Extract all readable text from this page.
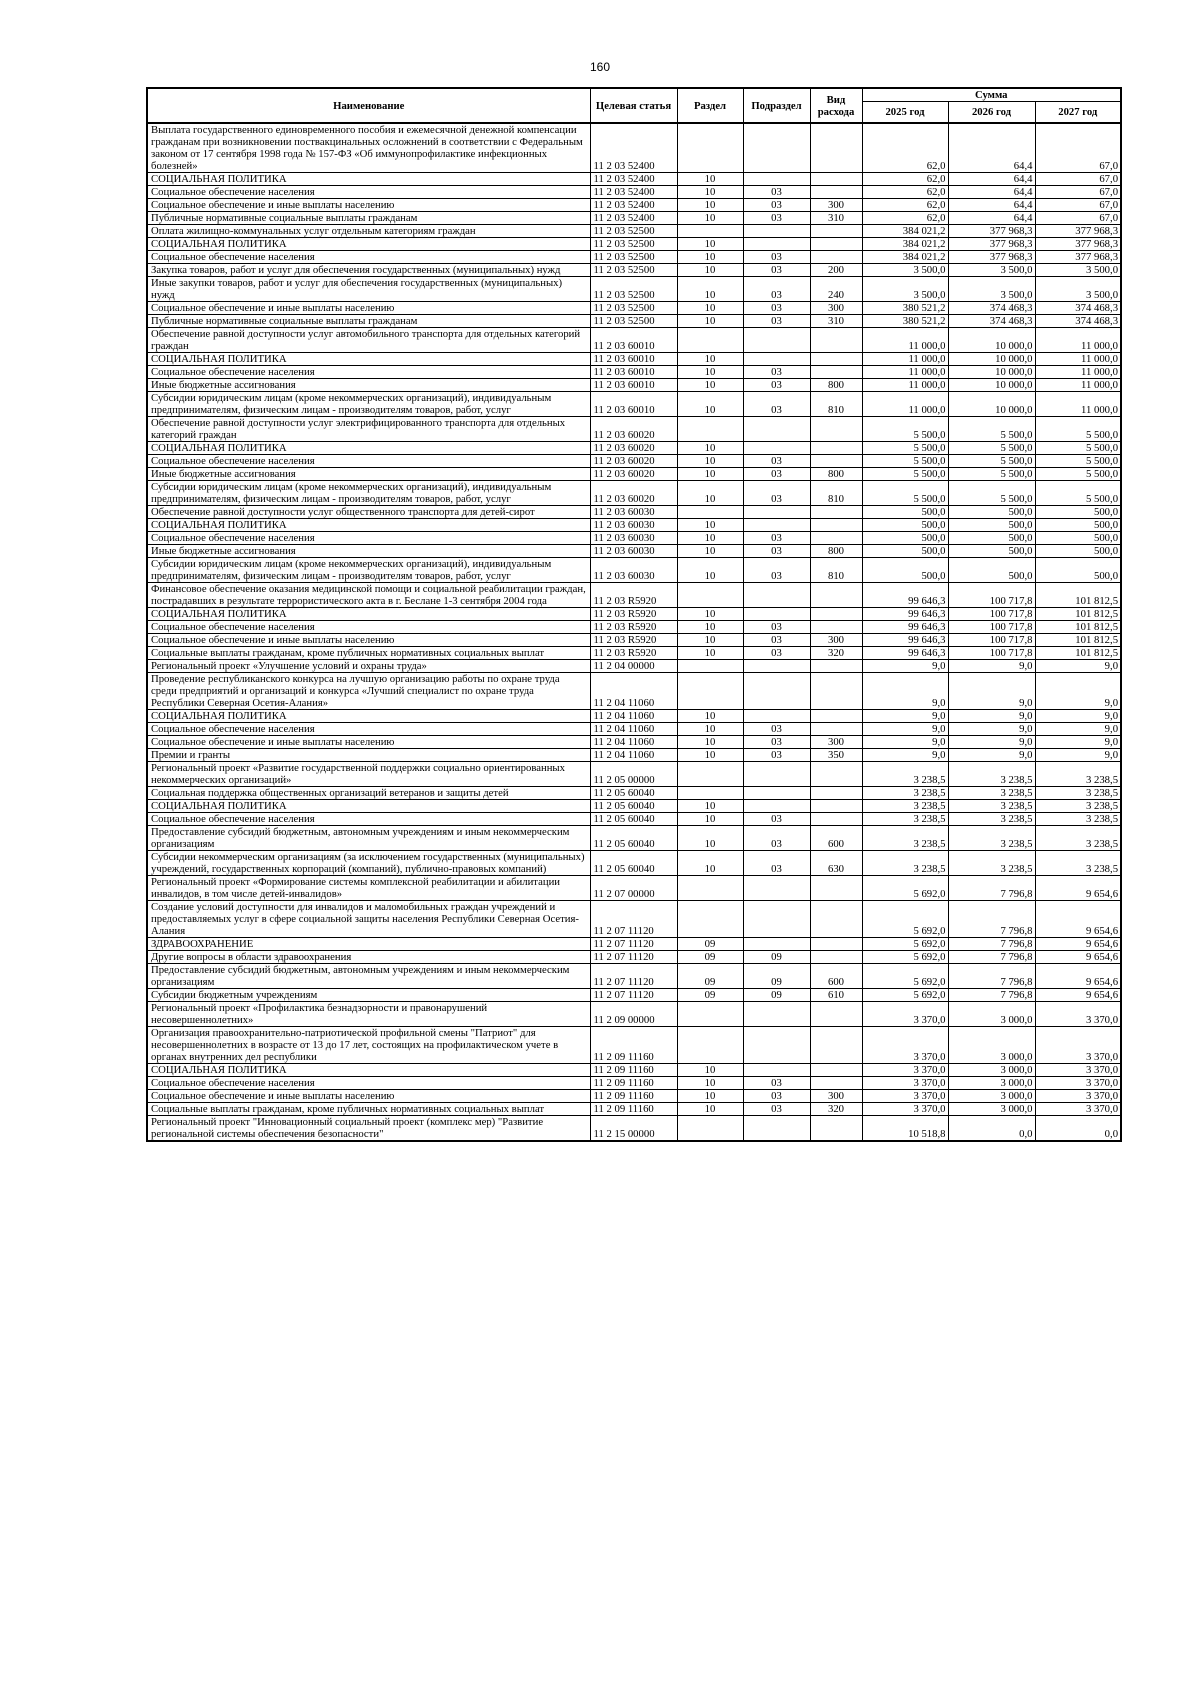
160
Наименование	Целевая статья	Раздел	Подраздел	Вид расхода	Сумма		
					2025 год	2026 год	2027 год
Выплата государственного единовременного пособия и ежемесячной денежной компенсации гражданам при возникновении поствакцинальных осложнений в соответствии с Федеральным законом от 17 сентября 1998 года № 157-ФЗ «Об иммунопрофилактике инфекционных болезней»	11 2 03 52400				62,0	64,4	67,0
СОЦИАЛЬНАЯ ПОЛИТИКА	11 2 03 52400	10			62,0	64,4	67,0
Социальное обеспечение населения	11 2 03 52400	10	03		62,0	64,4	67,0
Социальное обеспечение и иные выплаты населению	11 2 03 52400	10	03	300	62,0	64,4	67,0
Публичные нормативные социальные выплаты гражданам	11 2 03 52400	10	03	310	62,0	64,4	67,0
Оплата жилищно-коммунальных услуг отдельным категориям граждан	11 2 03 52500				384 021,2	377 968,3	377 968,3
СОЦИАЛЬНАЯ ПОЛИТИКА	11 2 03 52500	10			384 021,2	377 968,3	377 968,3
Социальное обеспечение населения	11 2 03 52500	10	03		384 021,2	377 968,3	377 968,3
Закупка товаров, работ и услуг для обеспечения государственных (муниципальных) нужд	11 2 03 52500	10	03	200	3 500,0	3 500,0	3 500,0
Иные закупки товаров, работ и услуг для обеспечения государственных (муниципальных) нужд	11 2 03 52500	10	03	240	3 500,0	3 500,0	3 500,0
Социальное обеспечение и иные выплаты населению	11 2 03 52500	10	03	300	380 521,2	374 468,3	374 468,3
Публичные нормативные социальные выплаты гражданам	11 2 03 52500	10	03	310	380 521,2	374 468,3	374 468,3
Обеспечение равной доступности услуг автомобильного транспорта для отдельных категорий граждан	11 2 03 60010				11 000,0	10 000,0	11 000,0
СОЦИАЛЬНАЯ ПОЛИТИКА	11 2 03 60010	10			11 000,0	10 000,0	11 000,0
Социальное обеспечение населения	11 2 03 60010	10	03		11 000,0	10 000,0	11 000,0
Иные бюджетные ассигнования	11 2 03 60010	10	03	800	11 000,0	10 000,0	11 000,0
Субсидии юридическим лицам (кроме некоммерческих организаций), индивидуальным предпринимателям, физическим лицам - производителям товаров, работ, услуг	11 2 03 60010	10	03	810	11 000,0	10 000,0	11 000,0
Обеспечение равной доступности услуг электрифицированного транспорта для отдельных категорий граждан	11 2 03 60020				5 500,0	5 500,0	5 500,0
СОЦИАЛЬНАЯ ПОЛИТИКА	11 2 03 60020	10			5 500,0	5 500,0	5 500,0
Социальное обеспечение населения	11 2 03 60020	10	03		5 500,0	5 500,0	5 500,0
Иные бюджетные ассигнования	11 2 03 60020	10	03	800	5 500,0	5 500,0	5 500,0
Субсидии юридическим лицам (кроме некоммерческих организаций), индивидуальным предпринимателям, физическим лицам - производителям товаров, работ, услуг	11 2 03 60020	10	03	810	5 500,0	5 500,0	5 500,0
Обеспечение равной доступности услуг общественного транспорта для детей-сирот	11 2 03 60030				500,0	500,0	500,0
СОЦИАЛЬНАЯ ПОЛИТИКА	11 2 03 60030	10			500,0	500,0	500,0
Социальное обеспечение населения	11 2 03 60030	10	03		500,0	500,0	500,0
Иные бюджетные ассигнования	11 2 03 60030	10	03	800	500,0	500,0	500,0
Субсидии юридическим лицам (кроме некоммерческих организаций), индивидуальным предпринимателям, физическим лицам - производителям товаров, работ, услуг	11 2 03 60030	10	03	810	500,0	500,0	500,0
Финансовое обеспечение оказания медицинской помощи и социальной реабилитации граждан, пострадавших в результате террористического акта в г. Беслане 1-3 сентября 2004 года	11 2 03 R5920				99 646,3	100 717,8	101 812,5
СОЦИАЛЬНАЯ ПОЛИТИКА	11 2 03 R5920	10			99 646,3	100 717,8	101 812,5
Социальное обеспечение населения	11 2 03 R5920	10	03		99 646,3	100 717,8	101 812,5
Социальное обеспечение и иные выплаты населению	11 2 03 R5920	10	03	300	99 646,3	100 717,8	101 812,5
Социальные выплаты гражданам, кроме публичных нормативных социальных выплат	11 2 03 R5920	10	03	320	99 646,3	100 717,8	101 812,5
Региональный проект «Улучшение условий и охраны труда»	11 2 04 00000				9,0	9,0	9,0
Проведение республиканского конкурса на лучшую организацию работы по охране труда среди предприятий и организаций и конкурса «Лучший специалист по охране труда Республики Северная Осетия-Алания»	11 2 04 11060				9,0	9,0	9,0
СОЦИАЛЬНАЯ ПОЛИТИКА	11 2 04 11060	10			9,0	9,0	9,0
Социальное обеспечение населения	11 2 04 11060	10	03		9,0	9,0	9,0
Социальное обеспечение и иные выплаты населению	11 2 04 11060	10	03	300	9,0	9,0	9,0
Премии и гранты	11 2 04 11060	10	03	350	9,0	9,0	9,0
Региональный проект «Развитие государственной поддержки социально ориентированных некоммерческих организаций»	11 2 05 00000				3 238,5	3 238,5	3 238,5
Социальная поддержка общественных организаций ветеранов и защиты детей	11 2 05 60040				3 238,5	3 238,5	3 238,5
СОЦИАЛЬНАЯ ПОЛИТИКА	11 2 05 60040	10			3 238,5	3 238,5	3 238,5
Социальное обеспечение населения	11 2 05 60040	10	03		3 238,5	3 238,5	3 238,5
Предоставление субсидий бюджетным, автономным учреждениям и иным некоммерческим организациям	11 2 05 60040	10	03	600	3 238,5	3 238,5	3 238,5
Субсидии некоммерческим организациям (за исключением государственных (муниципальных) учреждений, государственных корпораций (компаний), публично-правовых компаний)	11 2 05 60040	10	03	630	3 238,5	3 238,5	3 238,5
Региональный проект «Формирование системы комплексной реабилитации и абилитации инвалидов, в том числе детей-инвалидов»	11 2 07 00000				5 692,0	7 796,8	9 654,6
Создание условий доступности для инвалидов и маломобильных граждан учреждений и предоставляемых услуг в сфере социальной защиты населения Республики Северная Осетия-Алания	11 2 07 11120				5 692,0	7 796,8	9 654,6
ЗДРАВООХРАНЕНИЕ	11 2 07 11120	09			5 692,0	7 796,8	9 654,6
Другие вопросы в области здравоохранения	11 2 07 11120	09	09		5 692,0	7 796,8	9 654,6
Предоставление субсидий бюджетным, автономным учреждениям и иным некоммерческим организациям	11 2 07 11120	09	09	600	5 692,0	7 796,8	9 654,6
Субсидии бюджетным учреждениям	11 2 07 11120	09	09	610	5 692,0	7 796,8	9 654,6
Региональный проект «Профилактика безнадзорности и правонарушений несовершеннолетних»	11 2 09 00000				3 370,0	3 000,0	3 370,0
Организация правоохранительно-патриотической профильной смены "Патриот" для несовершеннолетних в возрасте от 13 до 17 лет, состоящих на профилактическом учете в органах внутренних дел республики	11 2 09 11160				3 370,0	3 000,0	3 370,0
СОЦИАЛЬНАЯ ПОЛИТИКА	11 2 09 11160	10			3 370,0	3 000,0	3 370,0
Социальное обеспечение населения	11 2 09 11160	10	03		3 370,0	3 000,0	3 370,0
Социальное обеспечение и иные выплаты населению	11 2 09 11160	10	03	300	3 370,0	3 000,0	3 370,0
Социальные выплаты гражданам, кроме публичных нормативных социальных выплат	11 2 09 11160	10	03	320	3 370,0	3 000,0	3 370,0
Региональный проект "Инновационный социальный проект (комплекс мер) "Развитие региональной системы обеспечения безопасности"	11 2 15 00000				10 518,8	0,0	0,0
